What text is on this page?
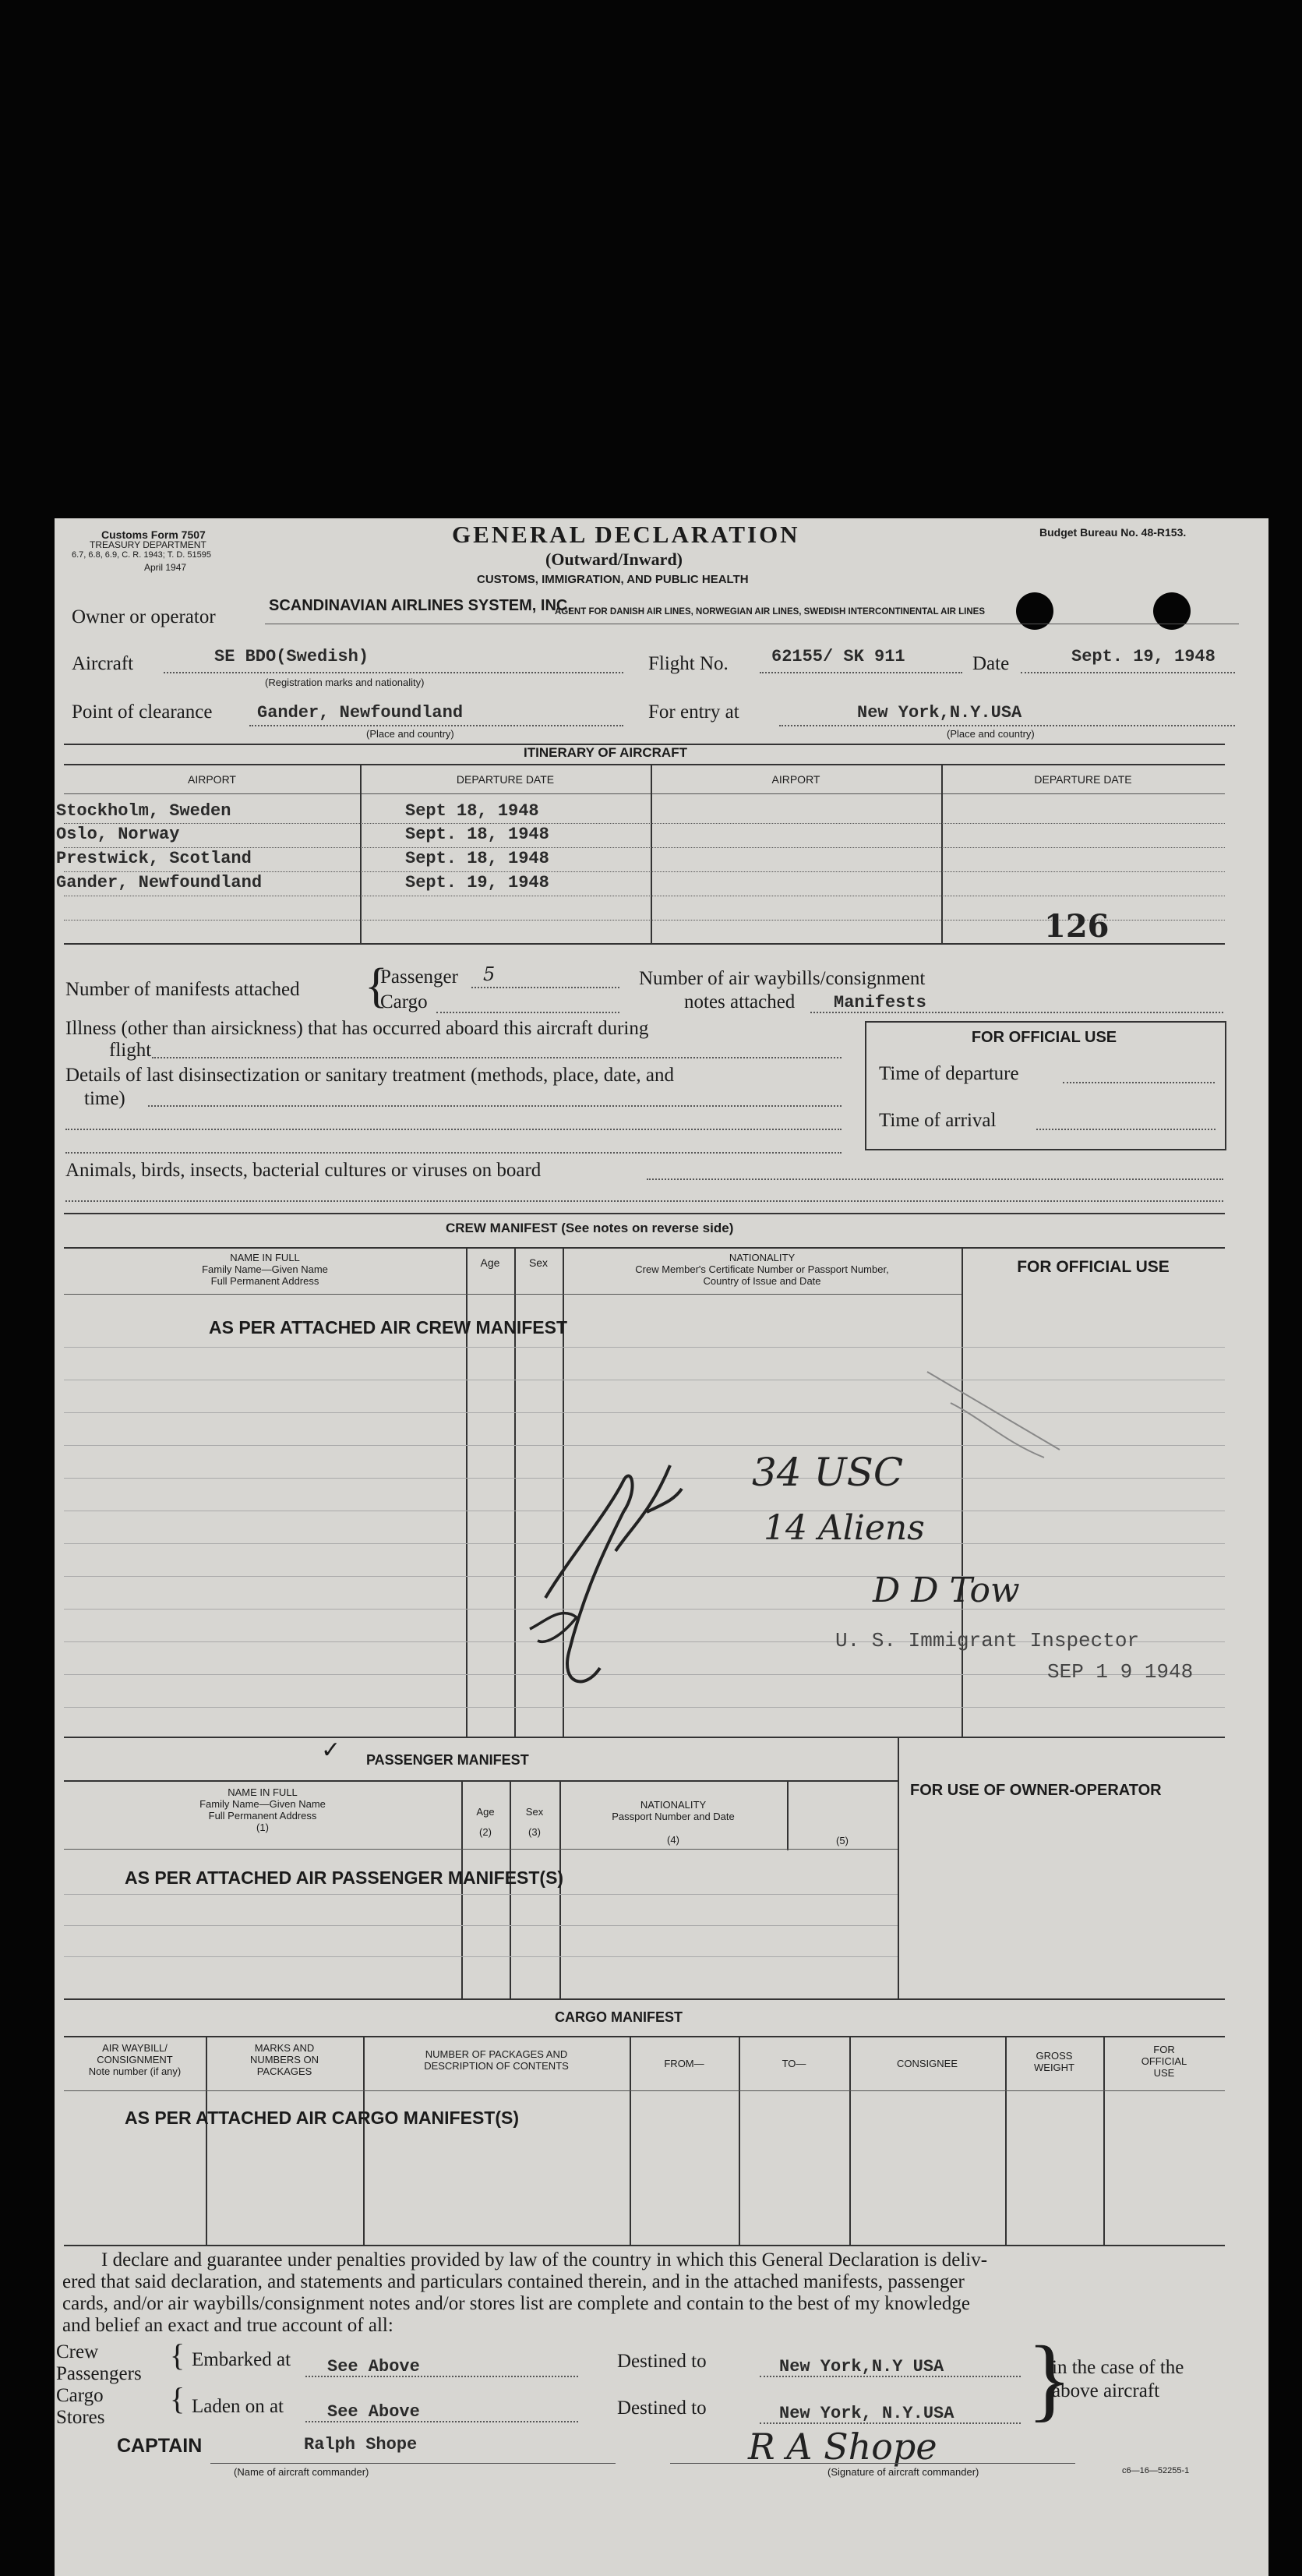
Customs Form 7507
TREASURY DEPARTMENT
6.7, 6.8, 6.9, C. R. 1943; T. D. 51595
April 1947
GENERAL DECLARATION
(Outward/Inward)
CUSTOMS, IMMIGRATION, AND PUBLIC HEALTH
Budget Bureau No. 48-R153.
Owner or operator
SCANDINAVIAN AIRLINES SYSTEM, INC.
AGENT FOR DANISH AIR LINES, NORWEGIAN AIR LINES, SWEDISH INTERCONTINENTAL AIR LINES
Aircraft	SE BDO(Swedish)
(Registration marks and nationality)
Flight No.	62155/ SK 911	Date	Sept. 19, 1948
Point of clearance	Gander, Newfoundland
(Place and country)
For entry at	New York,N.Y.USA
(Place and country)
ITINERARY OF AIRCRAFT
AIRPORT	DEPARTURE DATE	AIRPORT	DEPARTURE DATE
Stockholm, Sweden	Sept 18, 1948
Oslo, Norway	Sept. 18, 1948
Prestwick, Scotland	Sept. 18, 1948
Gander, Newfoundland	Sept. 19, 1948
126
Number of manifests attached {
Passenger 5
Cargo
Number of air waybills/consignment
notes attached Manifests
FOR OFFICIAL USE
Time of departure
Time of arrival
Illness (other than airsickness) that has occurred aboard this aircraft during
flight
Details of last disinsectization or sanitary treatment (methods, place, date, and
time)
Animals, birds, insects, bacterial cultures or viruses on board
CREW MANIFEST (See notes on reverse side)
NAME IN FULL
Family Name—Given Name
Full Permanent Address
Age	Sex	NATIONALITY
Crew Member's Certificate Number or Passport Number,
Country of Issue and Date
FOR OFFICIAL USE
AS PER ATTACHED AIR CREW MANIFEST
34 USC
14 Aliens
D D Tow
U. S. Immigrant Inspector
SEP 1 9 1948
✓ PASSENGER MANIFEST
NAME IN FULL
Family Name—Given Name
Full Permanent Address
(1)
Age
(2)
Sex
(3)
NATIONALITY
Passport Number and Date

(4)	(5)
FOR USE OF OWNER-OPERATOR
AS PER ATTACHED AIR PASSENGER MANIFEST(S)
CARGO MANIFEST
AIR WAYBILL/
CONSIGNMENT
Note number (if any)
MARKS AND
NUMBERS ON
PACKAGES
NUMBER OF PACKAGES AND
DESCRIPTION OF CONTENTS	FROM—	TO—	CONSIGNEE
GROSS
WEIGHT
FOR
OFFICIAL
USE
AS PER ATTACHED AIR CARGO MANIFEST(S)
I declare and guarantee under penalties provided by law of the country in which this General Declaration is deliv-
ered that said declaration, and statements and particulars contained therein, and in the attached manifests, passenger
cards, and/or air waybills/consignment notes and/or stores list are complete and contain to the best of my knowledge
and belief an exact and true account of all:
Crew
Passengers
Cargo
Stores
{
{
Embarked at See Above
Laden on at	See Above
Destined to	New York,N.Y USA
Destined to	New York, N.Y.USA }
in the case of the
above aircraft
CAPTAIN	Ralph Shope
(Name of aircraft commander)
R A Shope
(Signature of aircraft commander)	c6—16—52255-1
